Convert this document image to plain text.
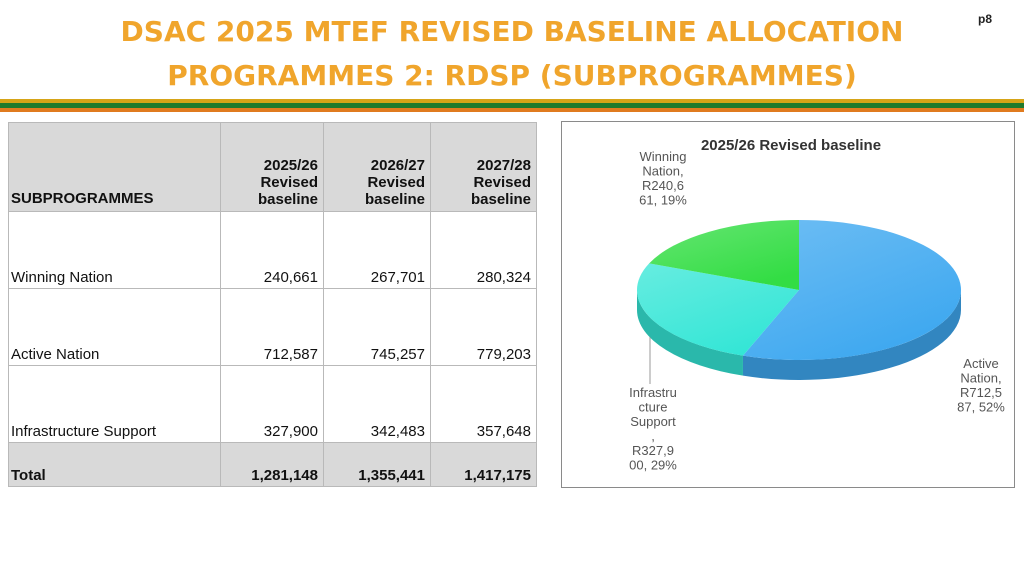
DSAC 2025 MTEF REVISED BASELINE ALLOCATION
PROGRAMMES 2: RDSP (SUBPROGRAMMES)
p8
SUBPROGRAMMES	2025/26
Revised
baseline	2026/27
Revised
baseline	2027/28
Revised
baseline
Winning Nation	240,661	267,701	280,324
Active Nation	712,587	745,257	779,203
Infrastructure Support	327,900	342,483	357,648
Total	1,281,148	1,355,441	1,417,175
2025/26 Revised baseline
Active Nation, R712,5 87, 52%
Infrastru cture Support , R327,9 00, 29%
Winning Nation, R240,6 61, 19%
